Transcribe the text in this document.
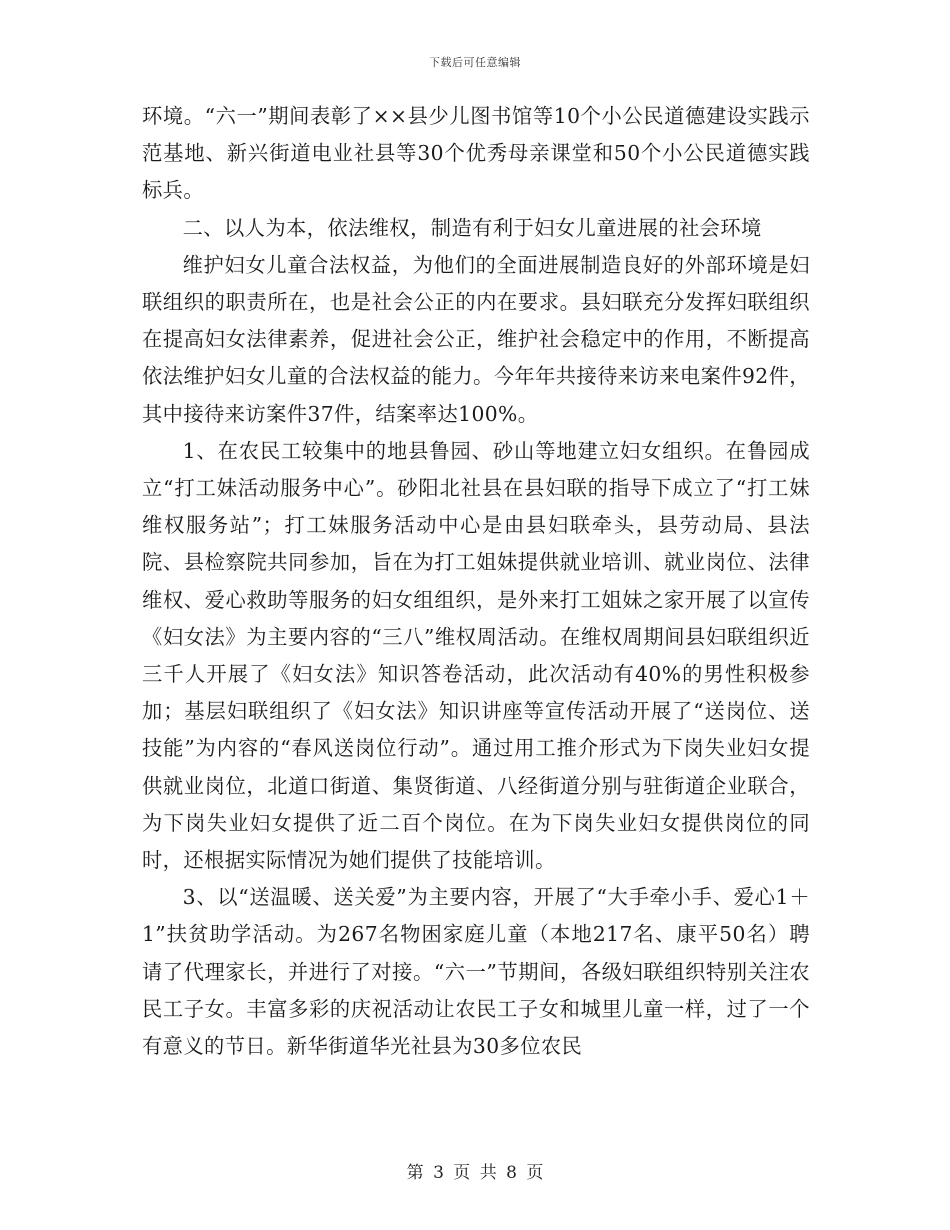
下载后可任意编辑

环境。“六一”期间表彰了××县少儿图书馆等10个小公民道德建设实践示范基地、新兴街道电业社县等30个优秀母亲课堂和50个小公民道德实践标兵。

二、以人为本，依法维权，制造有利于妇女儿童进展的社会环境

维护妇女儿童合法权益，为他们的全面进展制造良好的外部环境是妇联组织的职责所在，也是社会公正的内在要求。县妇联充分发挥妇联组织在提高妇女法律素养，促进社会公正，维护社会稳定中的作用，不断提高依法维护妇女儿童的合法权益的能力。今年年共接待来访来电案件92件，其中接待来访案件37件，结案率达100%。

1、在农民工较集中的地县鲁园、砂山等地建立妇女组织。在鲁园成立“打工妹活动服务中心”。砂阳北社县在县妇联的指导下成立了“打工妹维权服务站”；打工妹服务活动中心是由县妇联牵头，县劳动局、县法院、县检察院共同参加，旨在为打工姐妹提供就业培训、就业岗位、法律维权、爱心救助等服务的妇女组组织，是外来打工姐妹之家开展了以宣传《妇女法》为主要内容的“三八”维权周活动。在维权周期间县妇联组织近三千人开展了《妇女法》知识答卷活动，此次活动有40%的男性积极参加；基层妇联组织了《妇女法》知识讲座等宣传活动开展了“送岗位、送技能”为内容的“春风送岗位行动”。通过用工推介形式为下岗失业妇女提供就业岗位，北道口街道、集贤街道、八经街道分别与驻街道企业联合，为下岗失业妇女提供了近二百个岗位。在为下岗失业妇女提供岗位的同时，还根据实际情况为她们提供了技能培训。

3、以“送温暖、送关爱”为主要内容，开展了“大手牵小手、爱心1＋1”扶贫助学活动。为267名物困家庭儿童（本地217名、康平50名）聘请了代理家长，并进行了对接。“六一”节期间，各级妇联组织特别关注农民工子女。丰富多彩的庆祝活动让农民工子女和城里儿童一样，过了一个有意义的节日。新华街道华光社县为30多位农民

第 3 页 共 8 页
